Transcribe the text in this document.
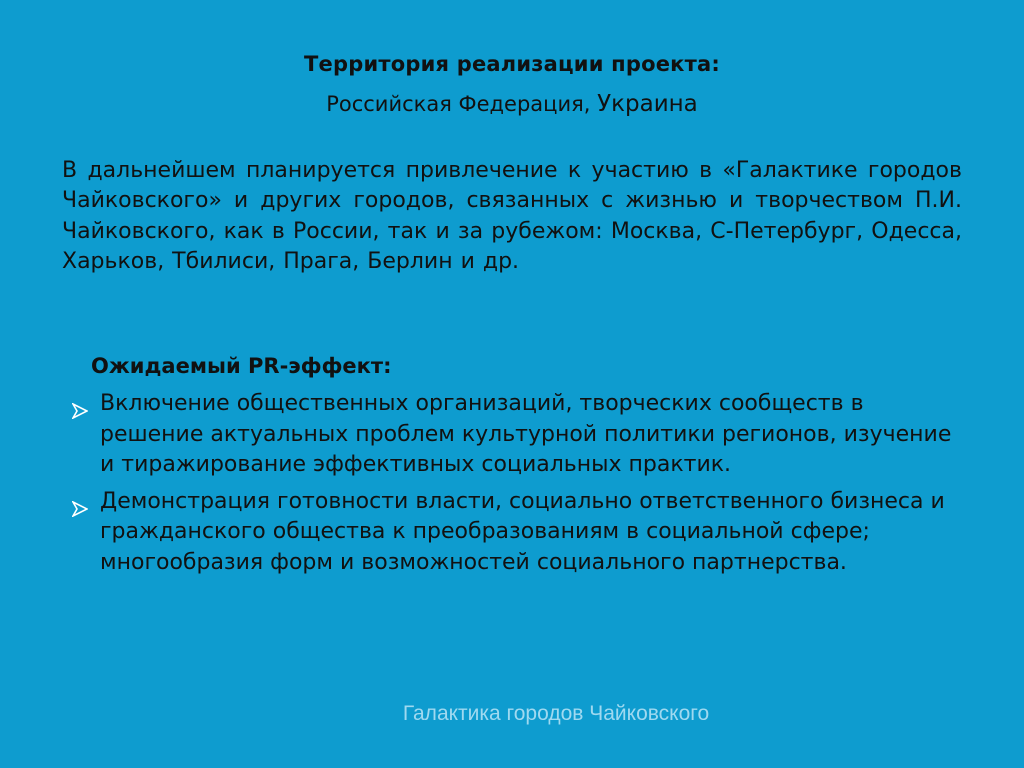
Территория реализации проекта:
Российская Федерация, Украина
В дальнейшем планируется привлечение к участию в «Галактике городов Чайковского» и других городов, связанных с жизнью и творчеством П.И. Чайковского, как в России, так и за рубежом: Москва, С-Петербург, Одесса, Харьков, Тбилиси, Прага, Берлин и др.
Ожидаемый PR-эффект:
Включение общественных организаций, творческих сообществ в решение актуальных проблем культурной политики регионов, изучение и тиражирование эффективных социальных практик.
Демонстрация готовности власти, социально ответственного бизнеса и гражданского общества к преобразованиям в социальной сфере; многообразия форм и возможностей социального партнерства.
Галактика городов Чайковского
